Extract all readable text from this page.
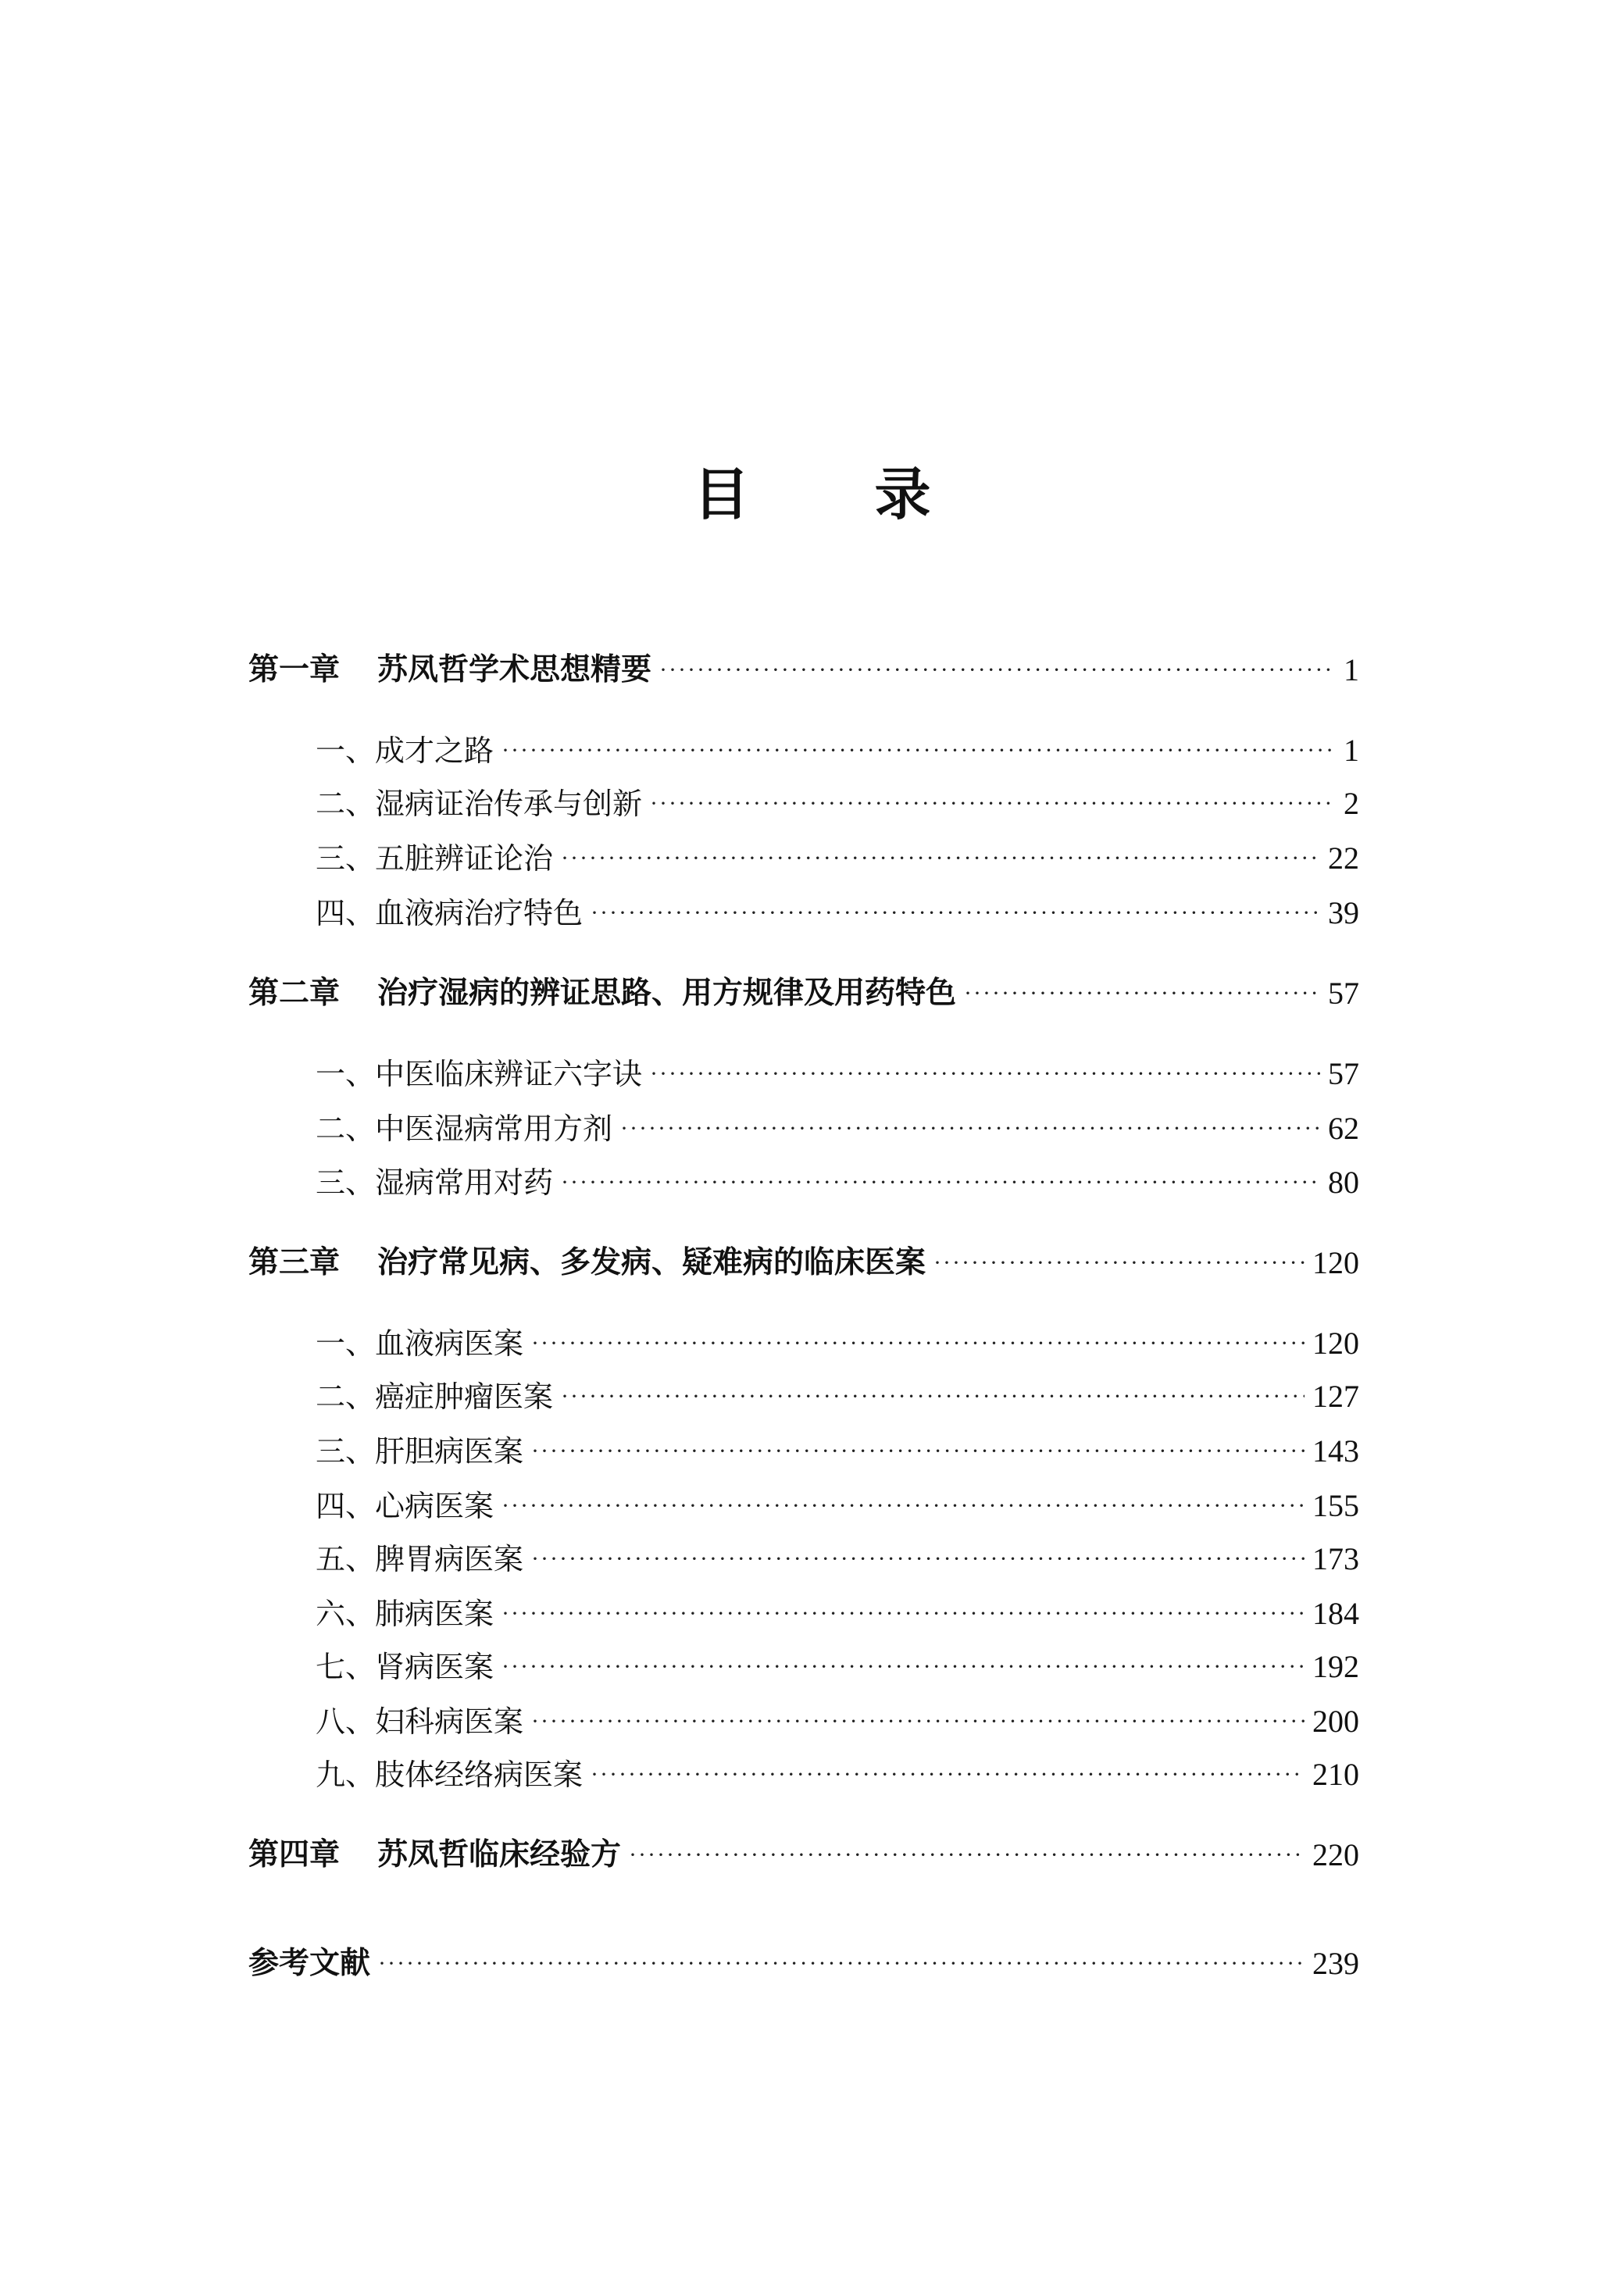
目 录
第一章 苏凤哲学术思想精要 ·····	1
一、成才之路 ·····	1
二、湿病证治传承与创新 ·····	2
三、五脏辨证论治 ·····	22
四、血液病治疗特色 ·····	39
第二章 治疗湿病的辨证思路、用方规律及用药特色 ·····	57
一、中医临床辨证六字诀 ·····	57
二、中医湿病常用方剂 ·····	62
三、湿病常用对药 ·····	80
第三章 治疗常见病、多发病、疑难病的临床医案 ·····	120
一、血液病医案 ·····	120
二、癌症肿瘤医案 ·····	127
三、肝胆病医案 ·····	143
四、心病医案 ·····	155
五、脾胃病医案 ·····	173
六、肺病医案 ·····	184
七、肾病医案 ·····	192
八、妇科病医案 ·····	200
九、肢体经络病医案 ·····	210
第四章 苏凤哲临床经验方 ·····	220
参考文献 ·····	239
